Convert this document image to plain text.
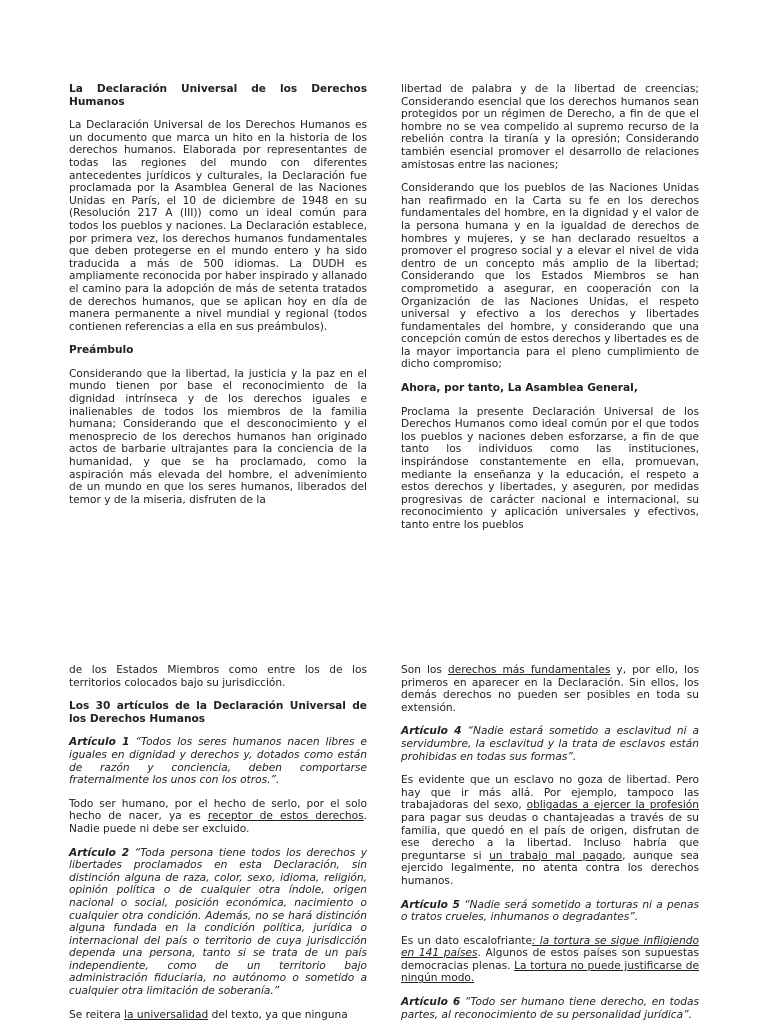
La Declaración Universal de los Derechos Humanos

La Declaración Universal de los Derechos Humanos es un documento que marca un hito en la historia de los derechos humanos. Elaborada por representantes de todas las regiones del mundo con diferentes antecedentes jurídicos y culturales, la Declaración fue proclamada por la Asamblea General de las Naciones Unidas en París, el 10 de diciembre de 1948 en su (Resolución 217 A (III)) como un ideal común para todos los pueblos y naciones. La Declaración establece, por primera vez, los derechos humanos fundamentales que deben protegerse en el mundo entero y ha sido traducida a más de 500 idiomas. La DUDH es ampliamente reconocida por haber inspirado y allanado el camino para la adopción de más de setenta tratados de derechos humanos, que se aplican hoy en día de manera permanente a nivel mundial y regional (todos contienen referencias a ella en sus preámbulos).

Preámbulo

Considerando que la libertad, la justicia y la paz en el mundo tienen por base el reconocimiento de la dignidad intrínseca y de los derechos iguales e inalienables de todos los miembros de la familia humana; Considerando que el desconocimiento y el menosprecio de los derechos humanos han originado actos de barbarie ultrajantes para la conciencia de la humanidad, y que se ha proclamado, como la aspiración más elevada del hombre, el advenimiento de un mundo en que los seres humanos, liberados del temor y de la miseria, disfruten de la

libertad de palabra y de la libertad de creencias; Considerando esencial que los derechos humanos sean protegidos por un régimen de Derecho, a fin de que el hombre no se vea compelido al supremo recurso de la rebelión contra la tiranía y la opresión; Considerando también esencial promover el desarrollo de relaciones amistosas entre las naciones;

Considerando que los pueblos de las Naciones Unidas han reafirmado en la Carta su fe en los derechos fundamentales del hombre, en la dignidad y el valor de la persona humana y en la igualdad de derechos de hombres y mujeres, y se han declarado resueltos a promover el progreso social y a elevar el nivel de vida dentro de un concepto más amplio de la libertad; Considerando que los Estados Miembros se han comprometido a asegurar, en cooperación con la Organización de las Naciones Unidas, el respeto universal y efectivo a los derechos y libertades fundamentales del hombre, y considerando que una concepción común de estos derechos y libertades es de la mayor importancia para el pleno cumplimiento de dicho compromiso;

Ahora, por tanto, La Asamblea General,

Proclama la presente Declaración Universal de los Derechos Humanos como ideal común por el que todos los pueblos y naciones deben esforzarse, a fin de que tanto los individuos como las instituciones, inspirándose constantemente en ella, promuevan, mediante la enseñanza y la educación, el respeto a estos derechos y libertades, y aseguren, por medidas progresivas de carácter nacional e internacional, su reconocimiento y aplicación universales y efectivos, tanto entre los pueblos

de los Estados Miembros como entre los de los territorios colocados bajo su jurisdicción.

Los 30 artículos de la Declaración Universal de los Derechos Humanos

Artículo 1 “Todos los seres humanos nacen libres e iguales en dignidad y derechos y, dotados como están de razón y conciencia, deben comportarse fraternalmente los unos con los otros.”.

Todo ser humano, por el hecho de serlo, por el solo hecho de nacer, ya es receptor de estos derechos. Nadie puede ni debe ser excluido.

Artículo 2 “Toda persona tiene todos los derechos y libertades proclamados en esta Declaración, sin distinción alguna de raza, color, sexo, idioma, religión, opinión política o de cualquier otra índole, origen nacional o social, posición económica, nacimiento o cualquier otra condición. Además, no se hará distinción alguna fundada en la condición política, jurídica o internacional del país o territorio de cuya jurisdicción dependa una persona, tanto si se trata de un país independiente, como de un territorio bajo administración fiduciaria, no autónomo o sometido a cualquier otra limitación de soberanía.”

Se reitera la universalidad del texto, ya que ninguna

Son los derechos más fundamentales y, por ello, los primeros en aparecer en la Declaración. Sin ellos, los demás derechos no pueden ser posibles en toda su extensión.

Artículo 4 “Nadie estará sometido a esclavitud ni a servidumbre, la esclavitud y la trata de esclavos están prohibidas en todas sus formas”.

Es evidente que un esclavo no goza de libertad. Pero hay que ir más allá. Por ejemplo, tampoco las trabajadoras del sexo, obligadas a ejercer la profesión para pagar sus deudas o chantajeadas a través de su familia, que quedó en el país de origen, disfrutan de ese derecho a la libertad. Incluso habría que preguntarse si un trabajo mal pagado, aunque sea ejercido legalmente, no atenta contra los derechos humanos.

Artículo 5 “Nadie será sometido a torturas ni a penas o tratos crueles, inhumanos o degradantes”.

Es un dato escalofriante: la tortura se sigue infligiendo en 141 países. Algunos de estos países son supuestas democracias plenas. La tortura no puede justificarse de ningún modo.

Artículo 6 “Todo ser humano tiene derecho, en todas partes, al reconocimiento de su personalidad jurídica”.
